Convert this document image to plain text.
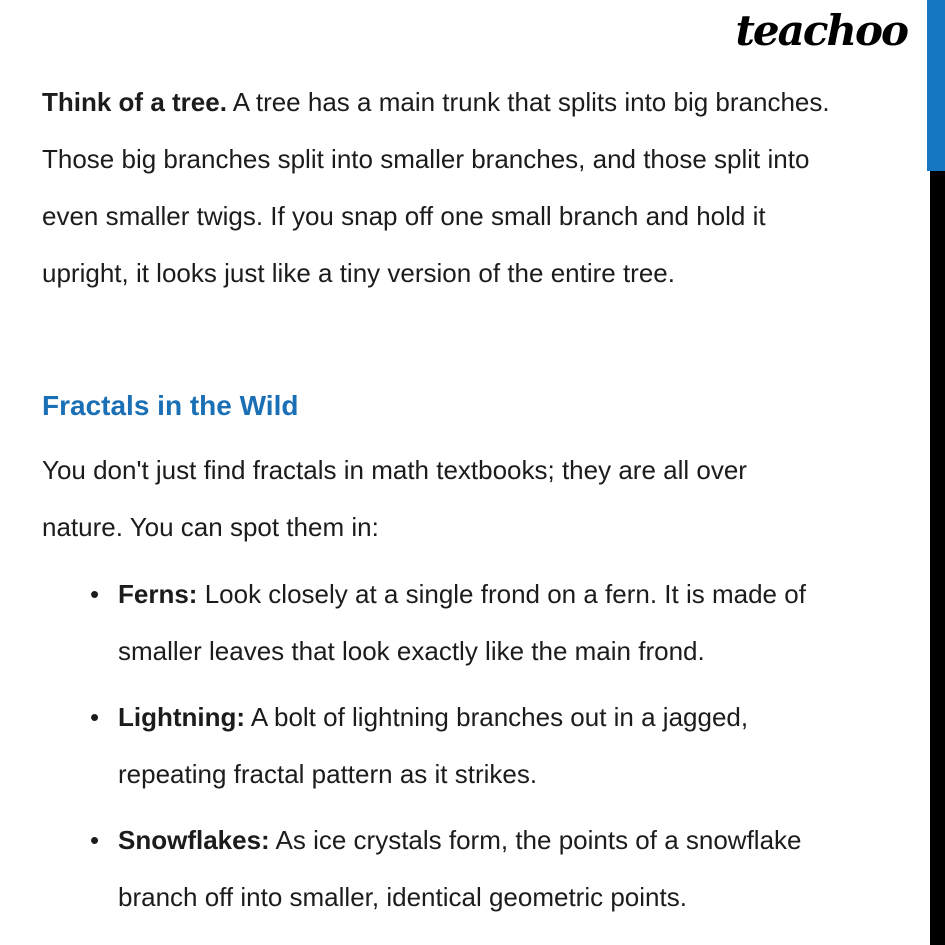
teachoo
Think of a tree. A tree has a main trunk that splits into big branches.
Those big branches split into smaller branches, and those split into
even smaller twigs. If you snap off one small branch and hold it
upright, it looks just like a tiny version of the entire tree.
Fractals in the Wild
You don't just find fractals in math textbooks; they are all over
nature. You can spot them in:
• Ferns: Look closely at a single frond on a fern. It is made of
smaller leaves that look exactly like the main frond.
• Lightning: A bolt of lightning branches out in a jagged,
repeating fractal pattern as it strikes.
• Snowflakes: As ice crystals form, the points of a snowflake
branch off into smaller, identical geometric points.
